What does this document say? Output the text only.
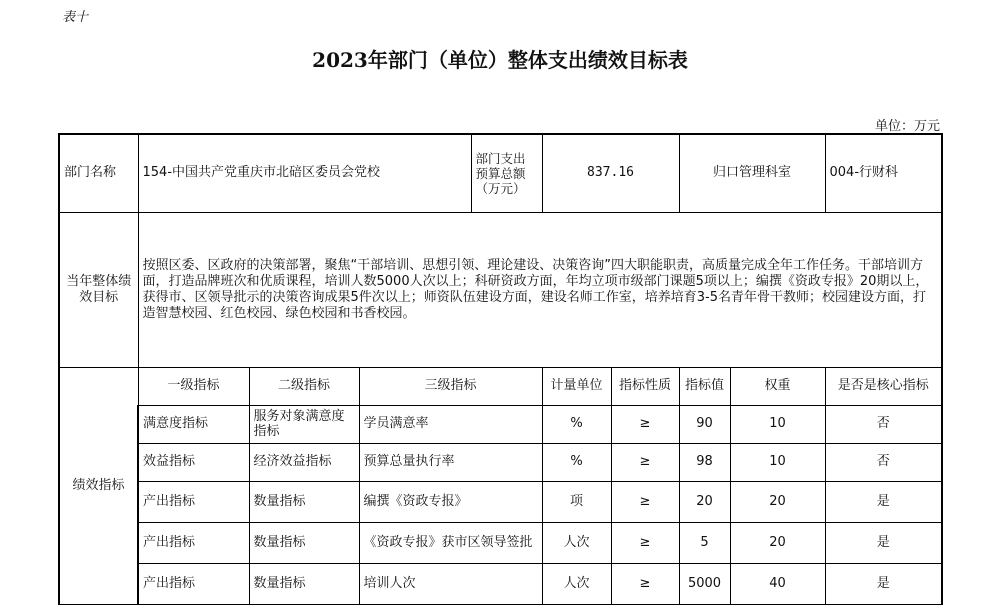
表十
2023年部门（单位）整体支出绩效目标表
单位：万元
部门名称	154-中国共产党重庆市北碚区委员会党校			部门支出预算总额（万元）	837.16		归口管理科室		004-行财科
当年整体绩效目标	按照区委、区政府的决策部署，聚焦“干部培训、思想引领、理论建设、决策咨询”四大职能职责，高质量完成全年工作任务。干部培训方面，打造品牌班次和优质课程，培训人数5000人次以上；科研资政方面，年均立项市级部门课题5项以上；编撰《资政专报》20期以上，获得市、区领导批示的决策咨询成果5件次以上；师资队伍建设方面，建设名师工作室，培养培育3-5名青年骨干教师；校园建设方面，打造智慧校园、红色校园、绿色校园和书香校园。								
绩效指标	一级指标	二级指标	三级指标		计量单位	指标性质	指标值	权重	是否是核心指标
	满意度指标	服务对象满意度指标	学员满意率		%	≥	90	10	否
	效益指标	经济效益指标	预算总量执行率		%	≥	98	10	否
	产出指标	数量指标	编撰《资政专报》		项	≥	20	20	是
	产出指标	数量指标	《资政专报》获市区领导签批		人次	≥	5	20	是
	产出指标	数量指标	培训人次		人次	≥	5000	40	是
